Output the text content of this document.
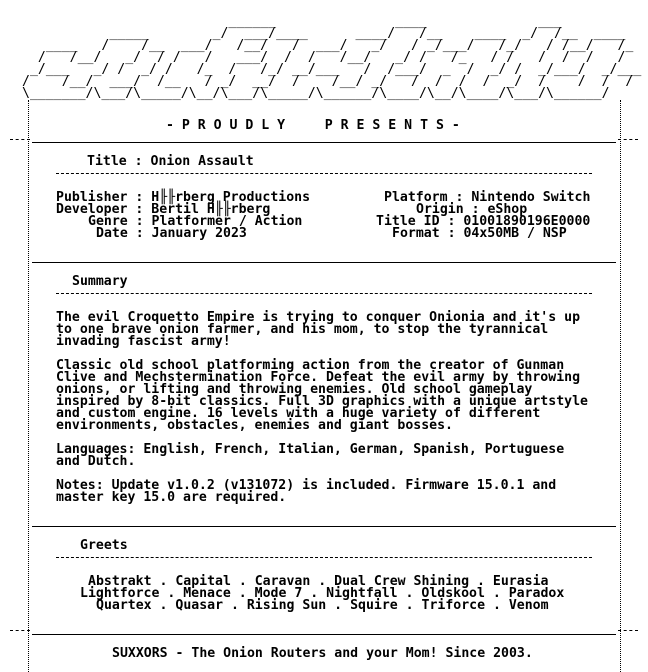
______               ____              ___
_____        _/  ___/____      ____/   /__    ____  _/  /__  ____
____   /    /__  ___/   /__/   /  ___/   _/   / _/___/   /_/   / /__/   /_
/   /__/   _/  / /   /   ___/  /  /   /__/   _/ /   /_   / /   /  /  /   /
_/___   _/ /  _/ /   /_  /   /_/ __/___   /  /___/  _  /  _/ /  _/___/  _/___
/    /__/  ___/  /__   / _/  __/  /    /__/ _/   /  /  /  /  _/  /    /  /  /
\_______/\___/\_____/\__/\___/\_____/\______/\____/\__/\____/\___/\______/
- P R O U D L Y     P R E S E N T S -
Title : Onion Assault
Publisher : H╟╟rberg Productions
Developer : Bertil H╟╟rberg
Genre : Platformer / Action
Date : January 2023
Platform : Nintendo Switch
Origin : eShop
Title ID : 01001890196E0000
Format : 04x50MB / NSP
Summary
The evil Croquetto Empire is trying to conquer Onionia and it's up
to one brave onion farmer, and his mom, to stop the tyrannical
invading fascist army!
Classic old school platforming action from the creator of Gunman
Clive and Mechstermination Force. Defeat the evil army by throwing
onions, or lifting and throwing enemies. Old school gameplay
inspired by 8-bit classics. Full 3D graphics with a unique artstyle
and custom engine. 16 levels with a huge variety of different
environments, obstacles, enemies and giant bosses.
Languages: English, French, Italian, German, Spanish, Portuguese
and Dutch.
Notes: Update v1.0.2 (v131072) is included. Firmware 15.0.1 and
master key 15.0 are required.
Greets
Abstrakt . Capital . Caravan . Dual Crew Shining . Eurasia
Lightforce . Menace . Mode 7 . Nightfall . Oldskool . Paradox
Quartex . Quasar . Rising Sun . Squire . Triforce . Venom
SUXXORS - The Onion Routers and your Mom! Since 2003.
